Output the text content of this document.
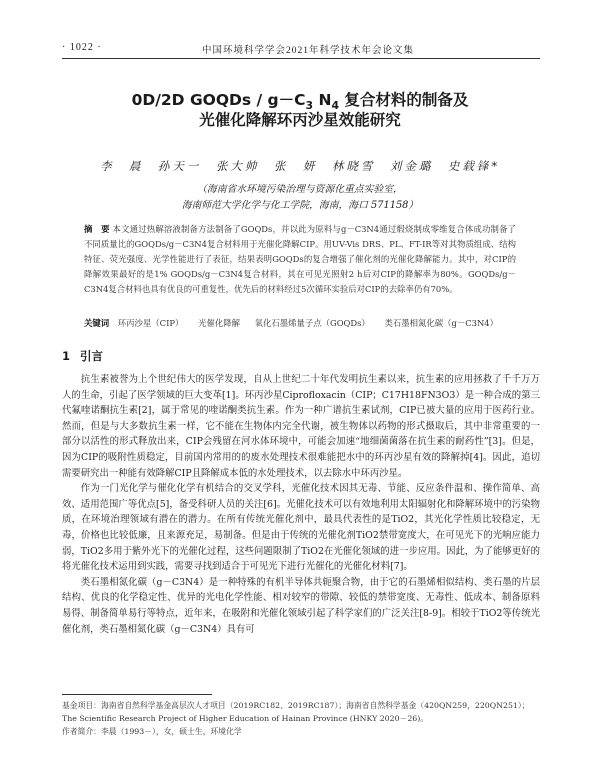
· 1022 ·	中国环境科学学会2021年科学技术年会论文集
0D/2D GOQDs / $g-C_3$ $N_4$ 复合材料的制备及
光催化降解环丙沙星效能研究
李　晨　孙天一　张大帅　张　妍　林晓雪　刘金璐　史载锋*
（海南省水环境污染治理与资源化重点实验室，
海南师范大学化学与化工学院，海南，海口 571158）
摘　要 本文通过热解溶液制备方法制备了GOQDs，并以此为原料与g－C3N4通过煅烧制成零维复合体成功制备了不同质量比的GOQDs/g－C3N4复合材料用于光催化降解CIP。用UV-Vis DRS、PL、FT-IR等对其物质组成、结构特征、荧光强度、光学性能进行了表征，结果表明GOQDs的复合增强了催化剂的光催化降解能力。其中，对CIP的降解效果最好的是1% GOQDs/g－C3N4复合材料，其在可见光照射2 h后对CIP的降解率为80%。GOQDs/g－C3N4复合材料也具有优良的可重复性，优先后的材料经过5次循环实验后对CIP的去除率仍有70%。
关键词 环丙沙星（CIP） 光催化降解 氧化石墨烯量子点（GOQDs） 类石墨相氮化碳（g－C3N4）
1 引言

抗生素被誉为上个世纪伟大的医学发现，自从上世纪二十年代发明抗生素以来，抗生素的应用拯救了千千万万人的生命，引起了医学领域的巨大变革[1]。环丙沙星Ciprofloxacin（CIP；C17H18FN3O3）是一种合成的第三代氟喹诺酮抗生素[2]，属于常见的喹诺酮类抗生素。作为一种广谱抗生素试剂，CIP已被大量的应用于医药行业。然而，但是与大多数抗生素一样，它不能在生物体内完全代谢，被生物体以药物的形式摄取后，其中非常重要的一部分以活性的形式释放出来，CIP会残留在河水体环境中，可能会加速“地细菌菌落在抗生素的耐药性”[3]。但是，因为CIP的吸附性质稳定，目前国内常用的的废水处理技术很难能把水中的环丙沙星有效的降解掉[4]。因此，追切需要研究出一种能有效降解CIP且降解成本低的水处理技术，以去除水中环丙沙星。

作为一门光化学与催化化学有机结合的交叉学科，光催化技术因其无毒、节能、反应条件温和、操作简单、高效、适用范围广等优点[5]，备受科研人员的关注[6]。光催化技术可以有效地利用太阳辐射化和降解环境中的污染物质，在环境治理领域有潜在的潜力。在所有传统光催化剂中，最具代表性的是TiO2，其光化学性质比较稳定，无毒，价格也比较低廉，且来源充足，易制备。但是由于传统的光催化剂TiO2禁带宽度大，在可见光下的光响应能力弱，TiO2多用于紫外光下的光催化过程，这些问题限制了TiO2在光催化领域的进一步应用。因此，为了能够更好的将光催化技术运用到实践，需要寻找到适合于可见光下进行光催化的光催化材料[7]。

类石墨相氮化碳（g－C3N4）是一种特殊的有机半导体共轭聚合物，由于它的石墨烯相似结构、类石墨的片层结构、优良的化学稳定性、优异的光电化学性能、相对较窄的带隙、较低的禁带宽度、无毒性、低成本、制备原料易得、制备简单易行等特点，近年来，在吸附和光催化领域引起了科学家们的广泛关注[8-9]。相较于TiO2等传统光催化剂，类石墨相氮化碳（g－C3N4）具有可

基金项目：海南省自然科学基金高层次人才项目（2019RC182、2019RC187）；海南省自然科学基金（420QN259，220QN251）；The Scientific Research Project of Higher Education of Hainan Province (HNKY 2020－26)。
作者简介：李晨（1993－），女，硕士生，环境化学
